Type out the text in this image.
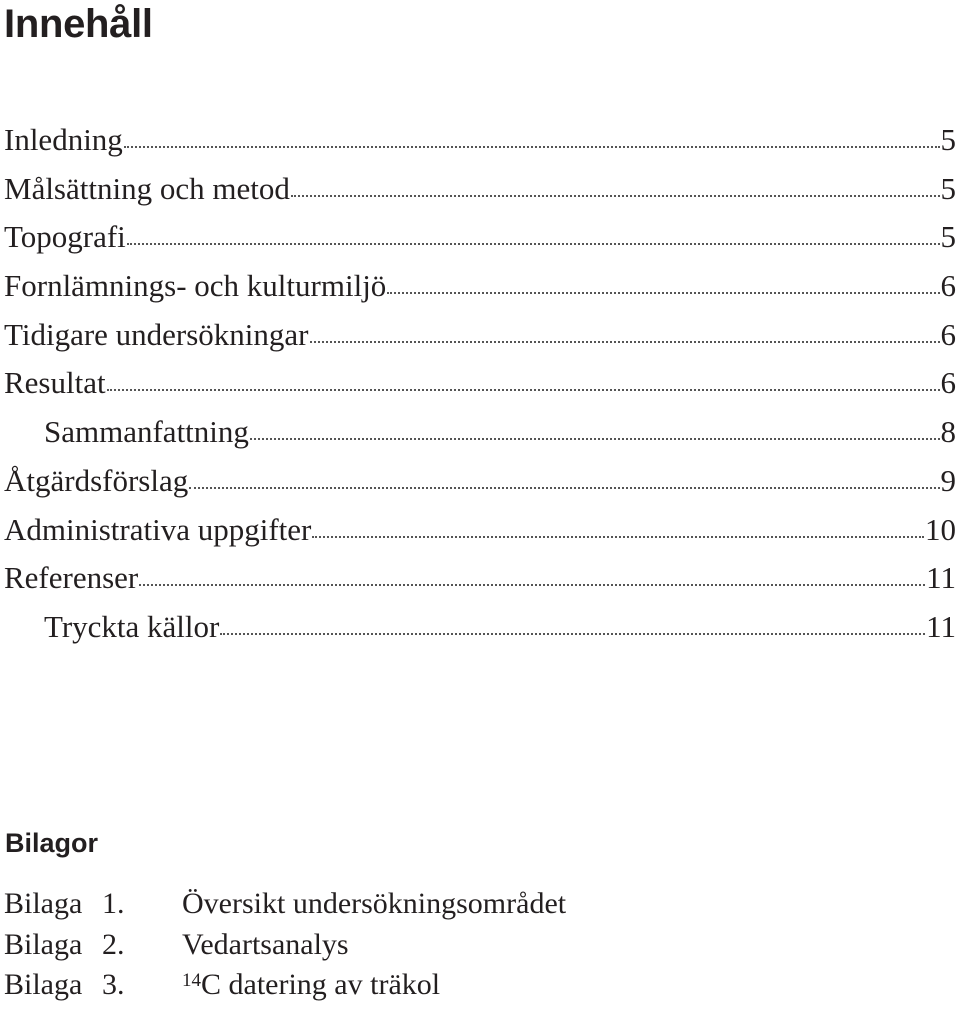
Innehåll
Inledning	5
Målsättning och metod	5
Topografi	5
Fornlämnings- och kulturmiljö	6
Tidigare undersökningar	6
Resultat	6
Sammanfattning	8
Åtgärdsförslag	9
Administrativa uppgifter	10
Referenser	11
Tryckta källor	11
Bilagor
Bilaga 1.	Översikt undersökningsområdet
Bilaga 2.	Vedartsanalys
Bilaga 3.	$^{14}$C datering av träkol
